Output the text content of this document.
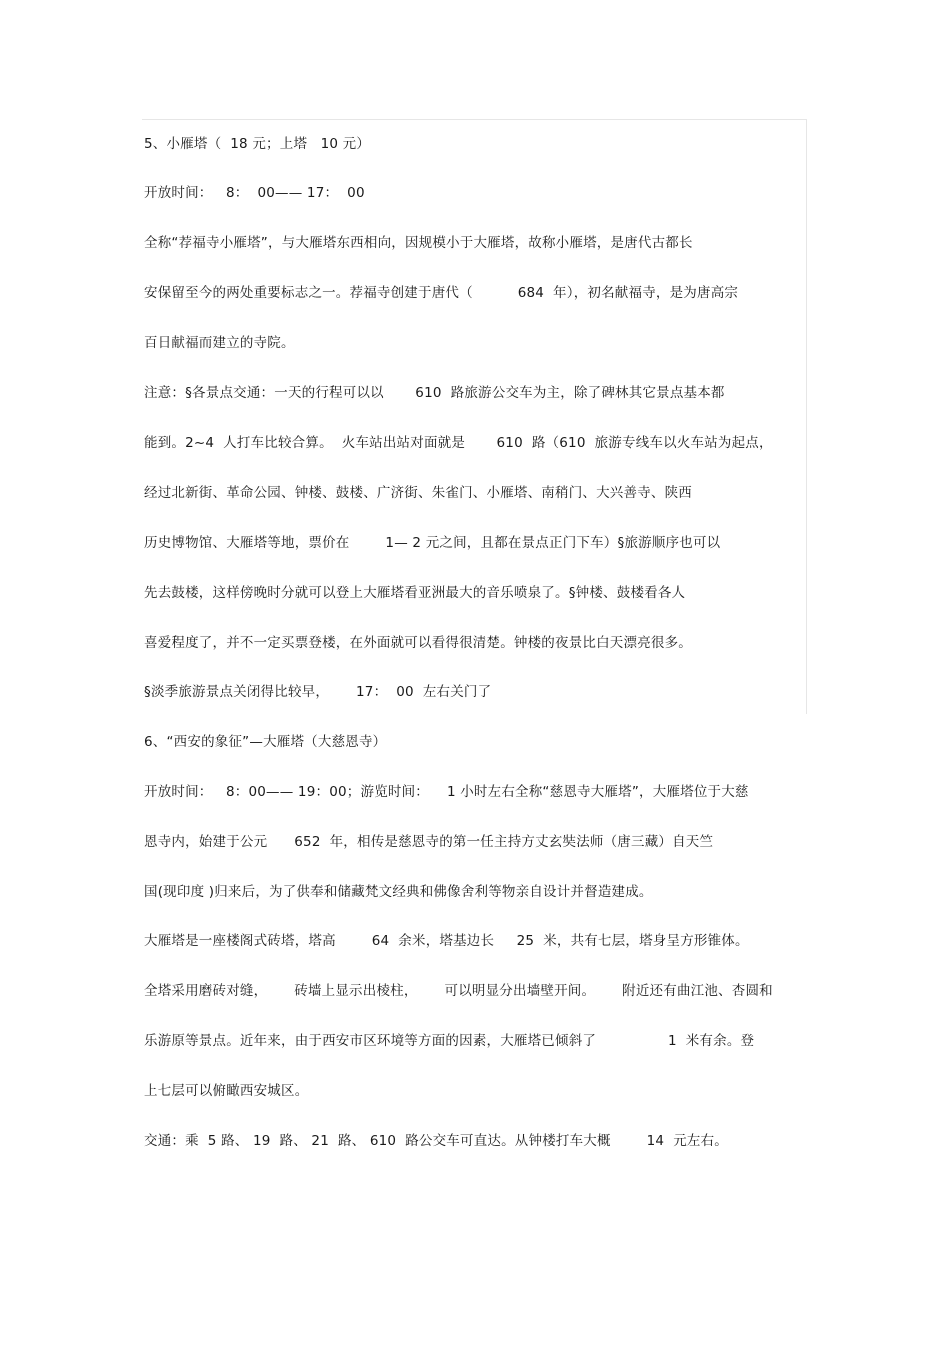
5、小雁塔（  18 元；上塔   10 元）
开放时间：   8：  00—— 17：  00
全称“荐福寺小雁塔”，与大雁塔东西相向，因规模小于大雁塔，故称小雁塔，是唐代古都长
安保留至今的两处重要标志之一。荐福寺创建于唐代（          684  年），初名献福寺，是为唐高宗
百日献福而建立的寺院。
注意：§各景点交通：一天的行程可以以       610  路旅游公交车为主，除了碑林其它景点基本都
能到。2~4  人打车比较合算。  火车站出站对面就是       610  路（610  旅游专线车以火车站为起点，
经过北新街、革命公园、钟楼、鼓楼、广济街、朱雀门、小雁塔、南稍门、大兴善寺、陕西
历史博物馆、大雁塔等地，票价在        1— 2 元之间，且都在景点正门下车）§旅游顺序也可以
先去鼓楼，这样傍晚时分就可以登上大雁塔看亚洲最大的音乐喷泉了。§钟楼、鼓楼看各人
喜爱程度了，并不一定买票登楼，在外面就可以看得很清楚。钟楼的夜景比白天漂亮很多。
§淡季旅游景点关闭得比较早，      17：  00  左右关门了
6、“西安的象征”—大雁塔（大慈恩寺）
开放时间：   8：00—— 19：00；游览时间：    1 小时左右全称“慈恩寺大雁塔”，大雁塔位于大慈
恩寺内，始建于公元      652  年，相传是慈恩寺的第一任主持方丈玄奘法师（唐三藏）自天竺
国(现印度 )归来后，为了供奉和储藏梵文经典和佛像舍利等物亲自设计并督造建成。
大雁塔是一座楼阁式砖塔，塔高        64  余米，塔基边长     25  米，共有七层，塔身呈方形锥体。
全塔采用磨砖对缝，      砖墙上显示出棱柱，      可以明显分出墙壁开间。      附近还有曲江池、杏圆和
乐游原等景点。近年来，由于西安市区环境等方面的因素，大雁塔已倾斜了                1  米有余。登
上七层可以俯瞰西安城区。
交通：乘  5 路、 19  路、 21  路、 610  路公交车可直达。从钟楼打车大概        14  元左右。
